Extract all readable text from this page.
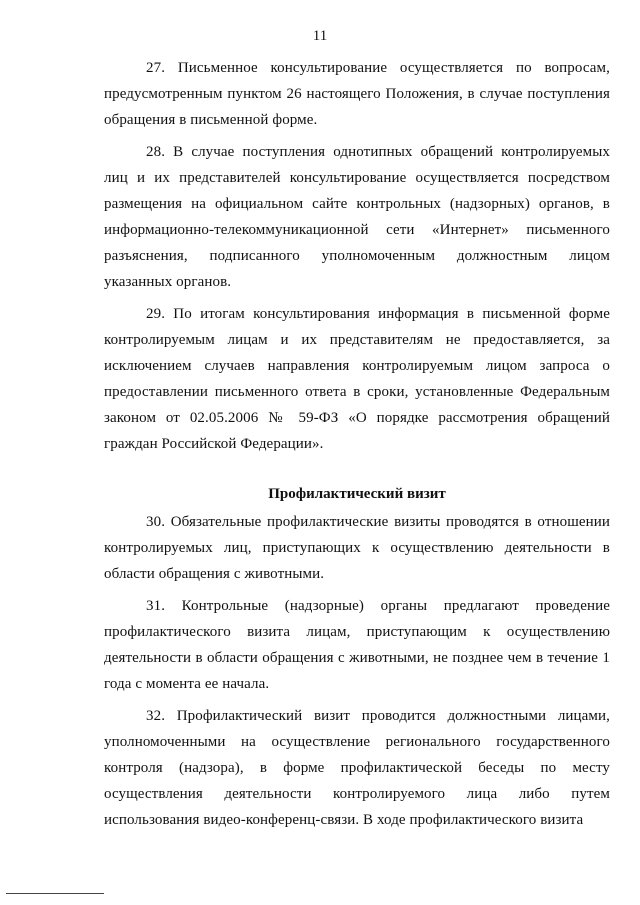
11

27. Письменное консультирование осуществляется по вопросам, предусмотренным пунктом 26 настоящего Положения, в случае поступления обращения в письменной форме.

28. В случае поступления однотипных обращений контролируемых лиц и их представителей консультирование осуществляется посредством размещения на официальном сайте контрольных (надзорных) органов, в информационно-телекоммуникационной сети «Интернет» письменного разъяснения, подписанного уполномоченным должностным лицом указанных органов.

29. По итогам консультирования информация в письменной форме контролируемым лицам и их представителям не предоставляется, за исключением случаев направления контролируемым лицом запроса о предоставлении письменного ответа в сроки, установленные Федеральным законом от 02.05.2006 № 59-ФЗ «О порядке рассмотрения обращений граждан Российской Федерации».

Профилактический визит

30. Обязательные профилактические визиты проводятся в отношении контролируемых лиц, приступающих к осуществлению деятельности в области обращения с животными.

31. Контрольные (надзорные) органы предлагают проведение профилактического визита лицам, приступающим к осуществлению деятельности в области обращения с животными, не позднее чем в течение 1 года с момента ее начала.

32. Профилактический визит проводится должностными лицами, уполномоченными на осуществление регионального государственного контроля (надзора), в форме профилактической беседы по месту осуществления деятельности контролируемого лица либо путем использования видео-конференц-связи. В ходе профилактического визита
